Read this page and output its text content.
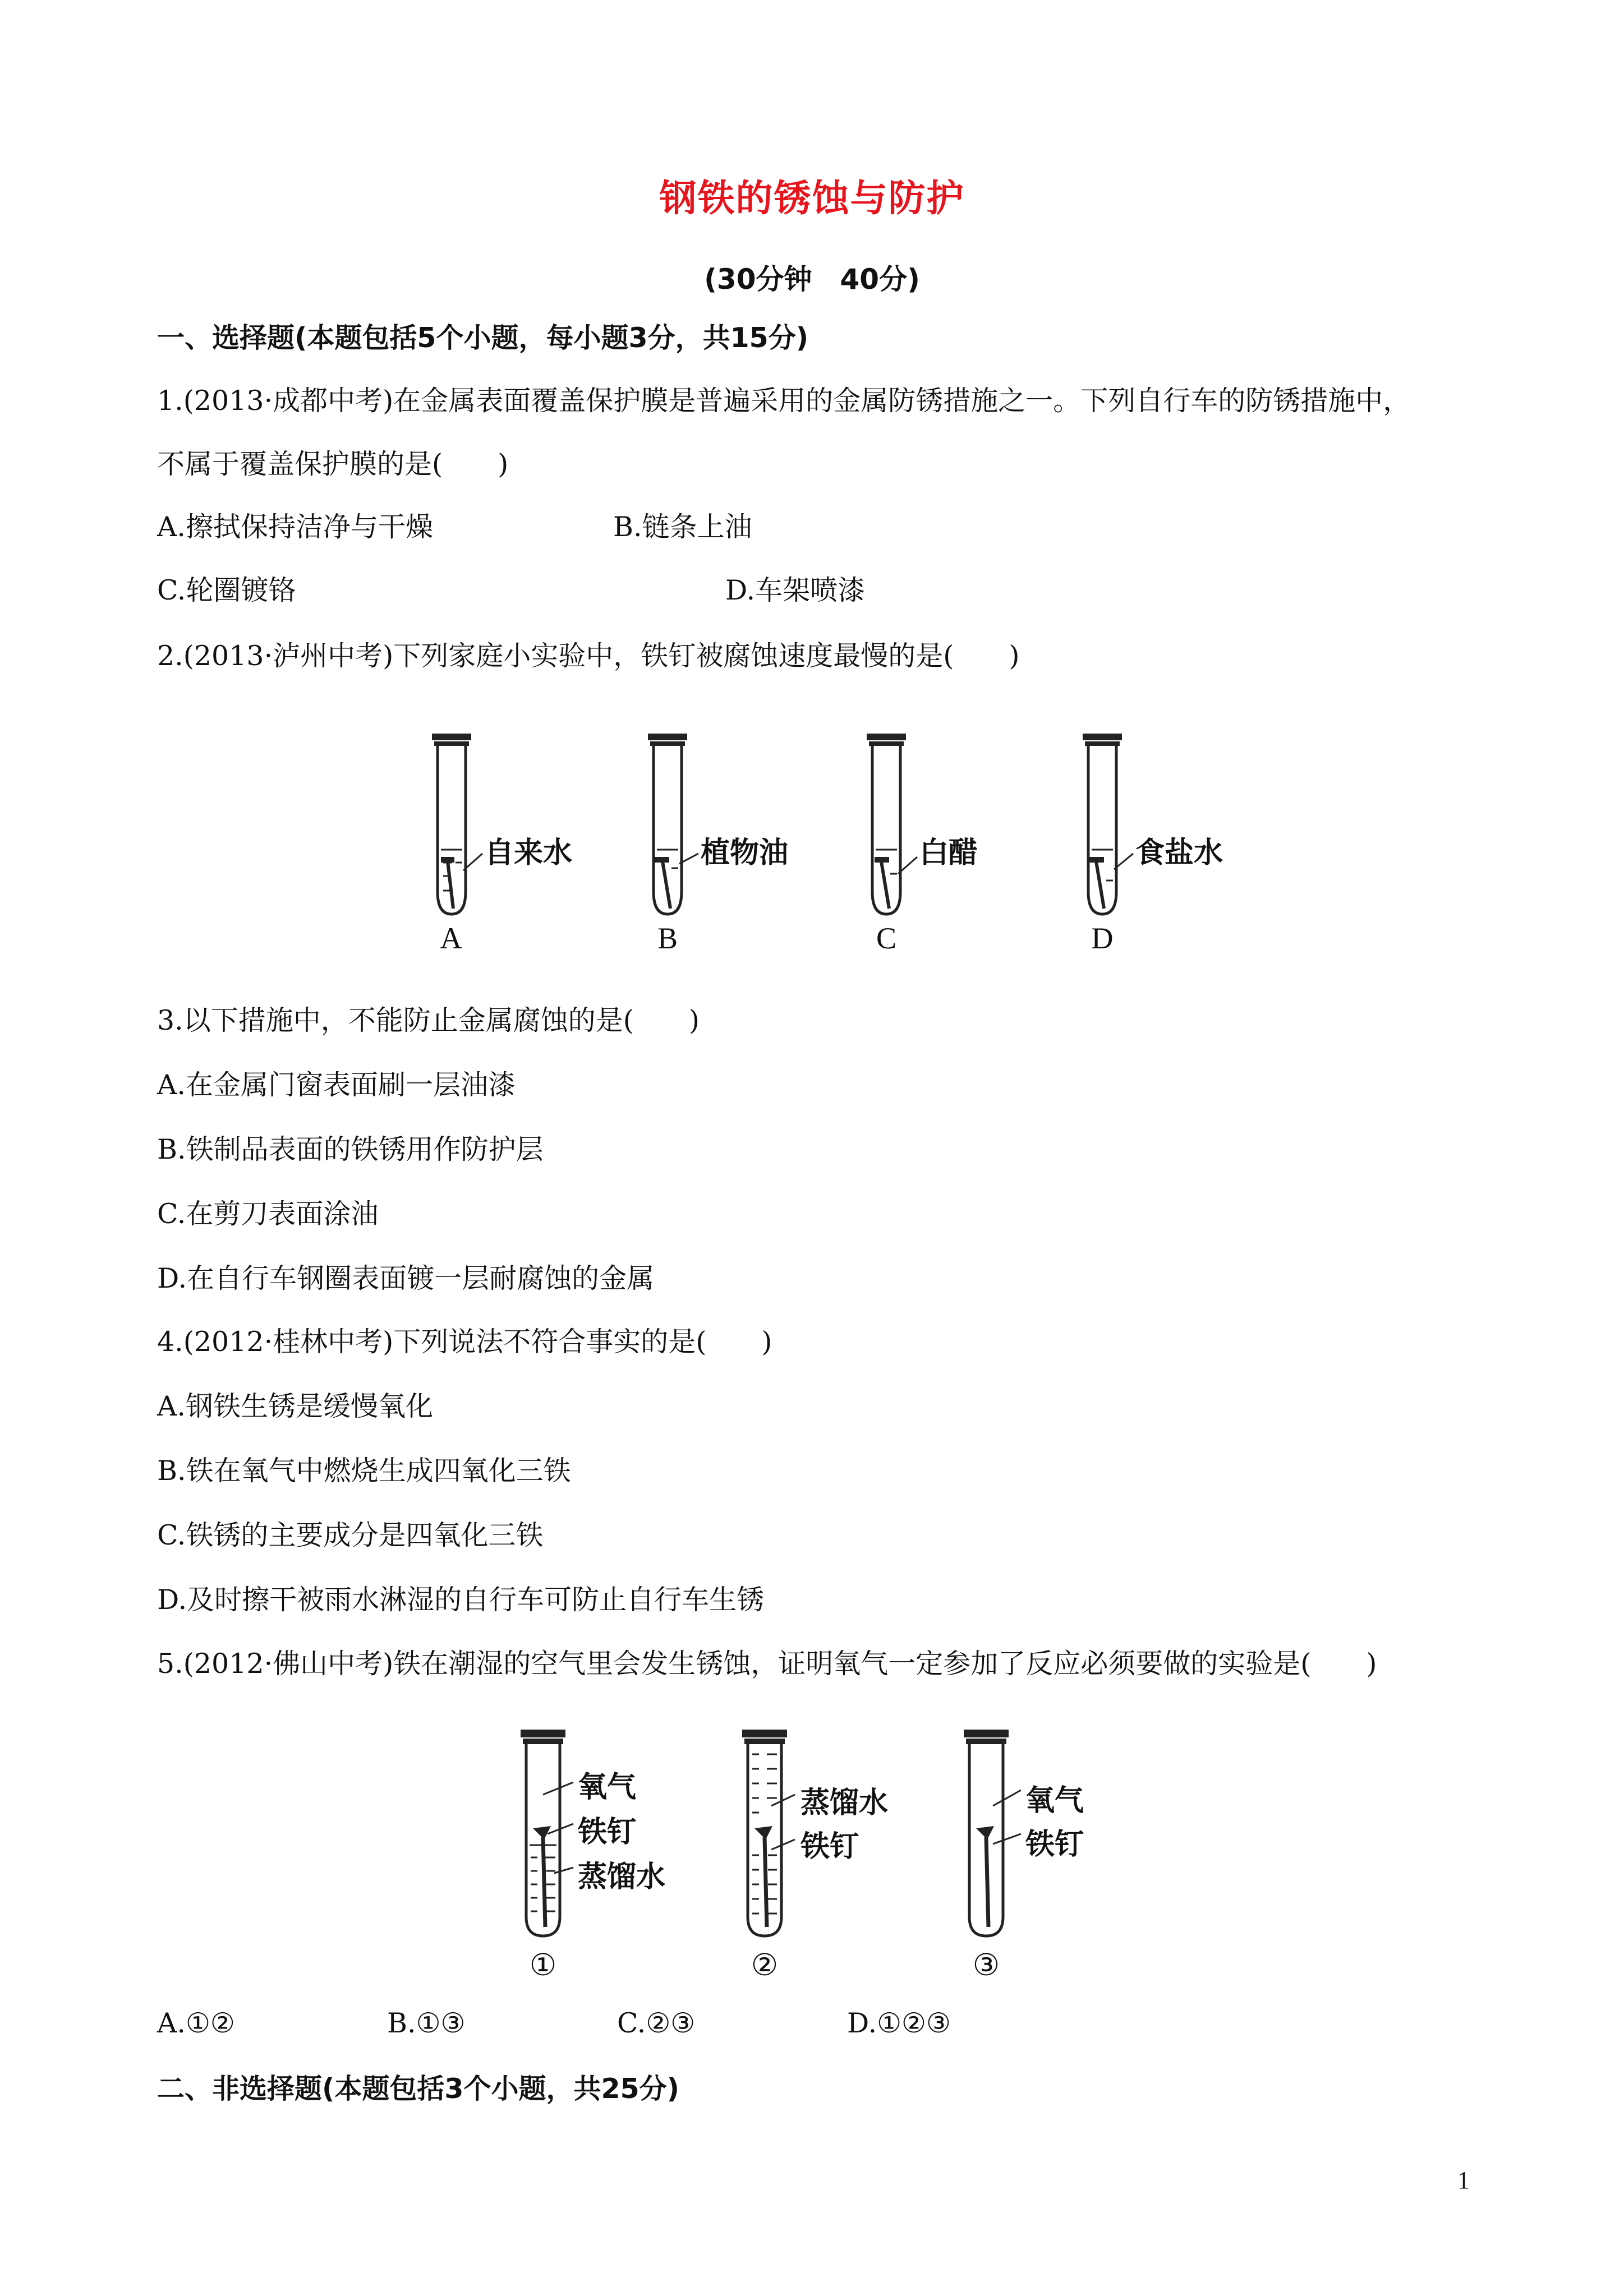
钢铁的锈蚀与防护
(30分钟　40分)
一、选择题(本题包括5个小题，每小题3分，共15分)
1.(2013·成都中考)在金属表面覆盖保护膜是普遍采用的金属防锈措施之一。下列自行车的防锈措施中，
不属于覆盖保护膜的是(　　)
A.擦拭保持洁净与干燥	B.链条上油
C.轮圈镀铬	D.车架喷漆
2.(2013·泸州中考)下列家庭小实验中，铁钉被腐蚀速度最慢的是(　　)
自来水	植物油	白醋	食盐水
A	B	C	D
3.以下措施中，不能防止金属腐蚀的是(　　)
A.在金属门窗表面刷一层油漆
B.铁制品表面的铁锈用作防护层
C.在剪刀表面涂油
D.在自行车钢圈表面镀一层耐腐蚀的金属
4.(2012·桂林中考)下列说法不符合事实的是(　　)
A.钢铁生锈是缓慢氧化
B.铁在氧气中燃烧生成四氧化三铁
C.铁锈的主要成分是四氧化三铁
D.及时擦干被雨水淋湿的自行车可防止自行车生锈
5.(2012·佛山中考)铁在潮湿的空气里会发生锈蚀，证明氧气一定参加了反应必须要做的实验是(　　)
氧气
铁钉
蒸馏水
蒸馏水
铁钉
氧气
铁钉
①	②	③
A.①②	B.①③	C.②③	D.①②③
二、非选择题(本题包括3个小题，共25分)
1
